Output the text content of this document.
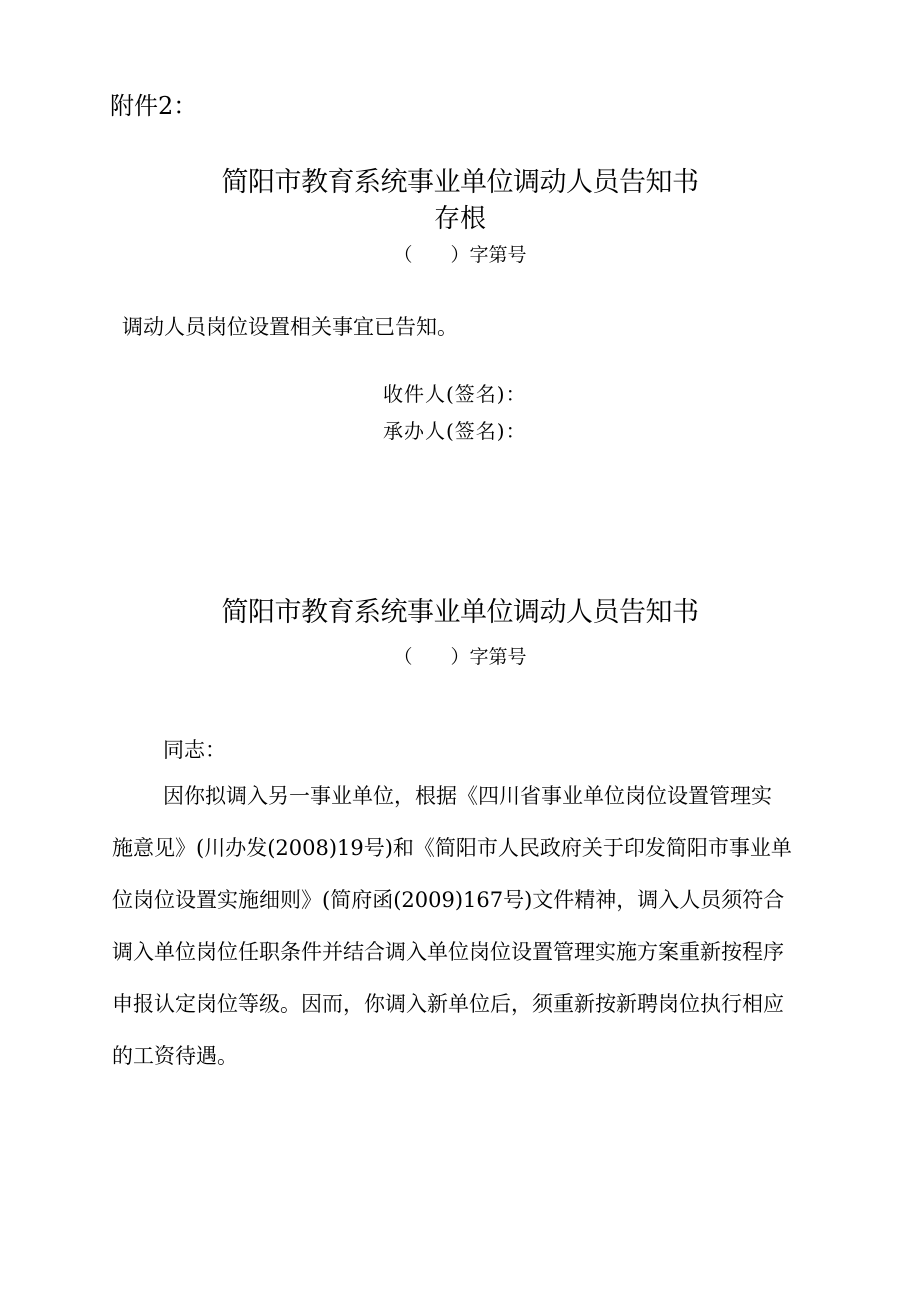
附件2：
简阳市教育系统事业单位调动人员告知书
存根
（　　）字第号
调动人员岗位设置相关事宜已告知。
收件人(签名)：
承办人(签名)：
简阳市教育系统事业单位调动人员告知书
（　　）字第号
同志：
因你拟调入另一事业单位，根据《四川省事业单位岗位设置管理实
施意见》(川办发(2008)19号)和《简阳市人民政府关于印发简阳市事业单
位岗位设置实施细则》(简府函(2009)167号)文件精神，调入人员须符合
调入单位岗位任职条件并结合调入单位岗位设置管理实施方案重新按程序
申报认定岗位等级。因而，你调入新单位后，须重新按新聘岗位执行相应
的工资待遇。
